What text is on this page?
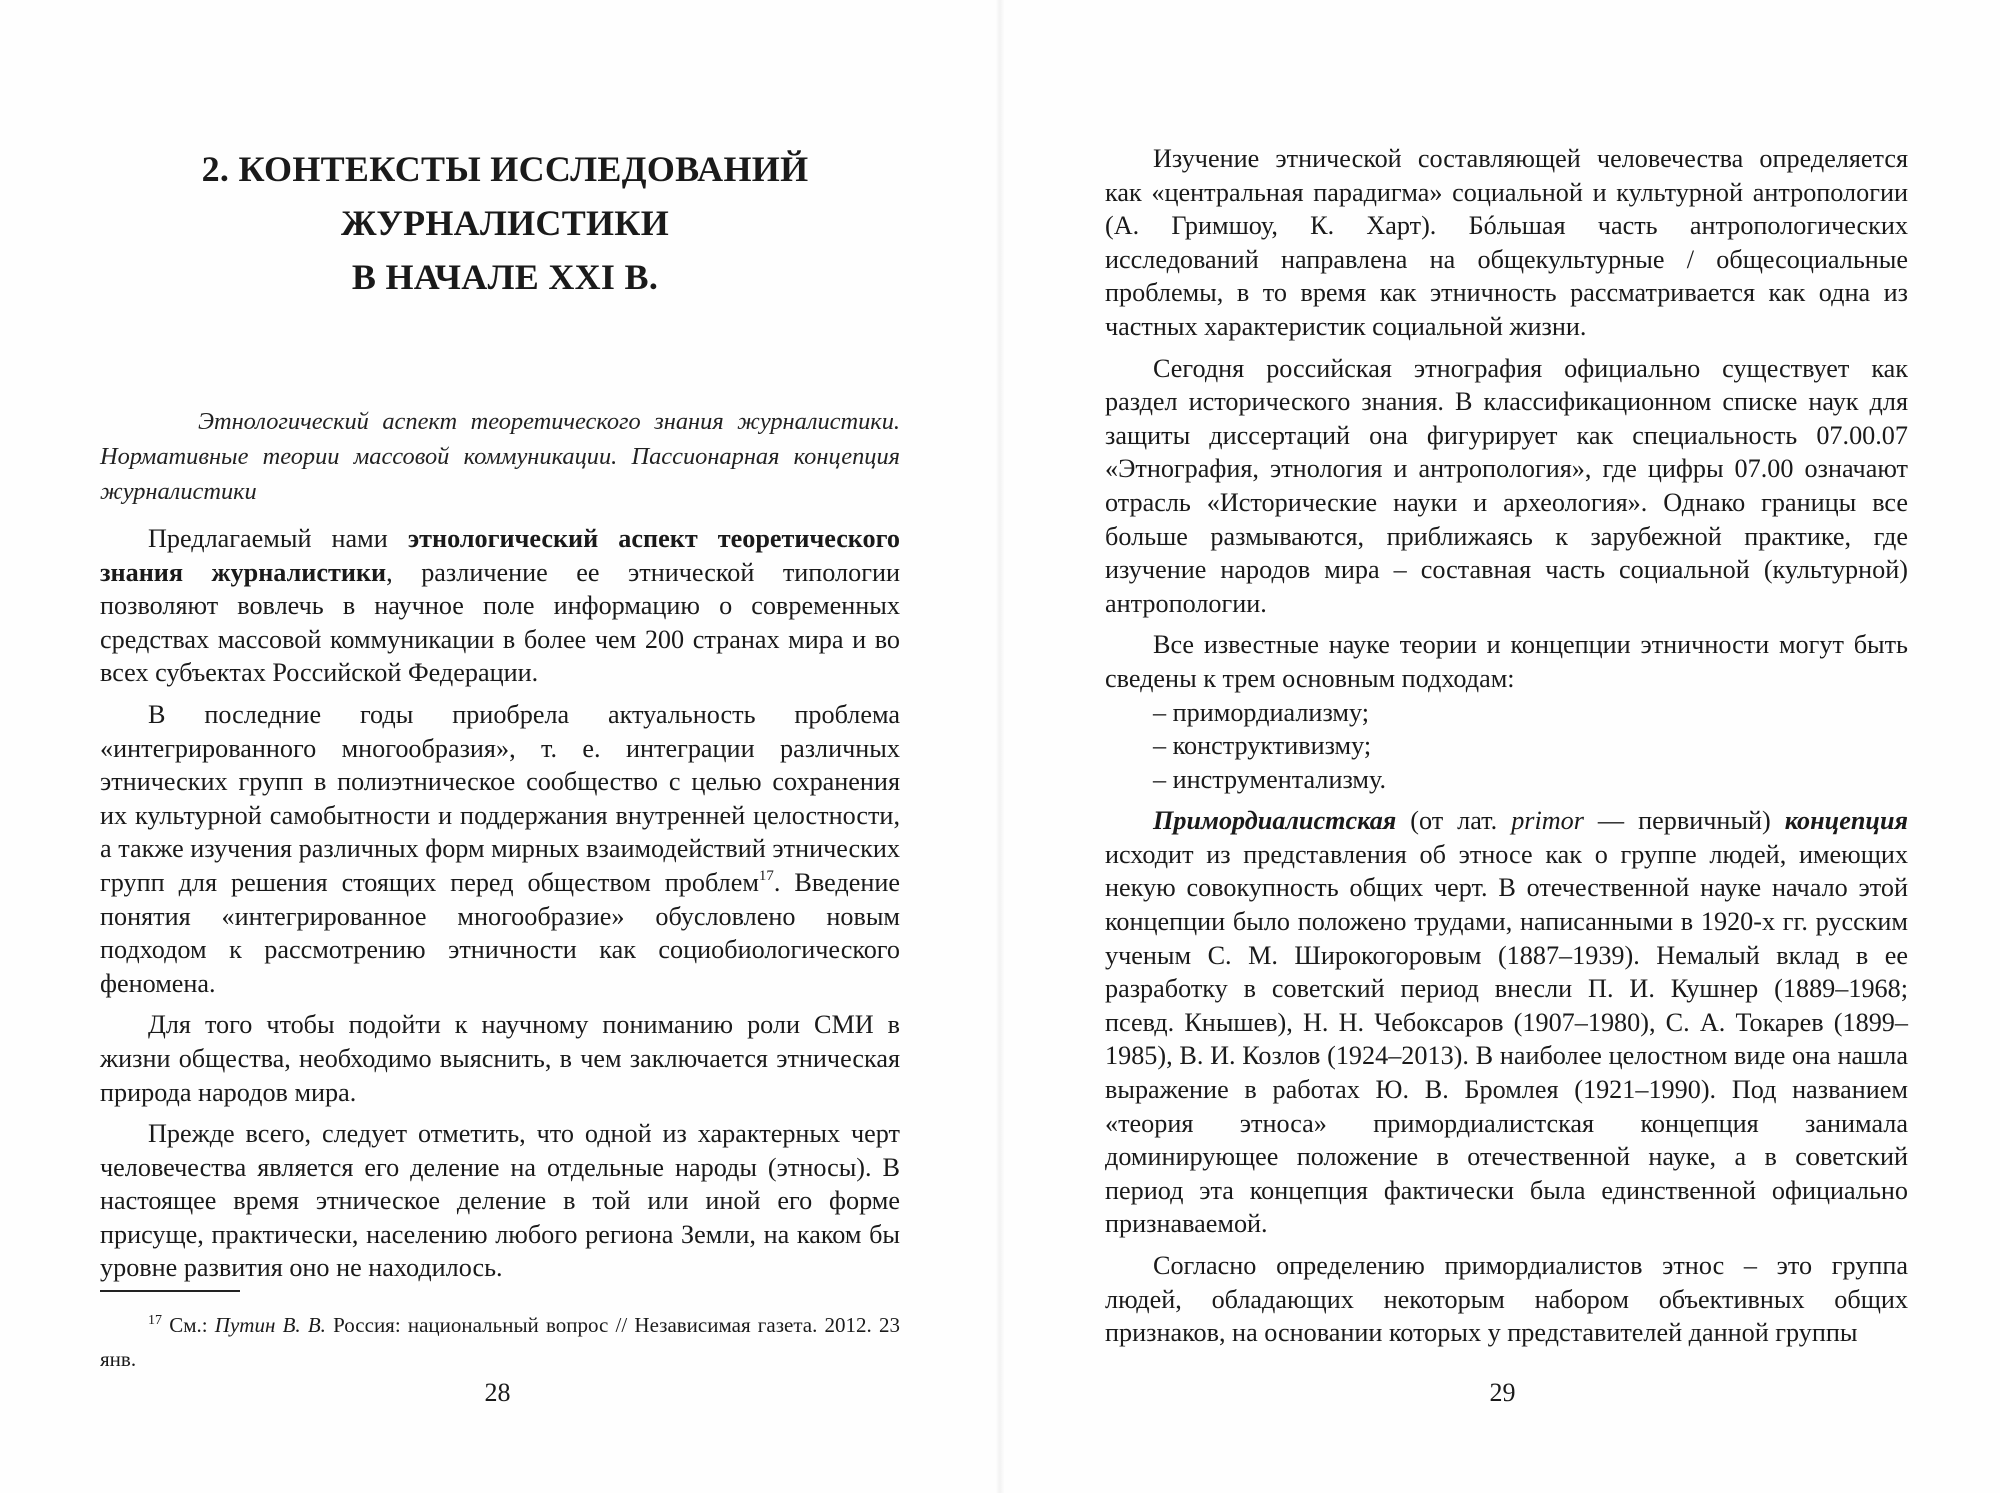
2. КОНТЕКСТЫ ИССЛЕДОВАНИЙ
ЖУРНАЛИСТИКИ
В НАЧАЛЕ XXI В.
Этнологический аспект теоретического знания журналистики. Нормативные теории массовой коммуникации. Пассионарная концепция журналистики

Предлагаемый нами этнологический аспект теоретического знания журналистики, различение ее этнической типологии позволяют вовлечь в научное поле информацию о современных средствах массовой коммуникации в более чем 200 странах мира и во всех субъектах Российской Федерации.

В последние годы приобрела актуальность проблема «интегрированного многообразия», т. е. интеграции различных этнических групп в полиэтническое сообщество с целью сохранения их культурной самобытности и поддержания внутренней целостности, а также изучения различных форм мирных взаимодействий этнических групп для решения стоящих перед обществом проблем$^{17}$. Введение понятия «интегрированное многообразие» обусловлено новым подходом к рассмотрению этничности как социобиологического феномена.

Для того чтобы подойти к научному пониманию роли СМИ в жизни общества, необходимо выяснить, в чем заключается этническая природа народов мира.

Прежде всего, следует отметить, что одной из характерных черт человечества является его деление на отдельные народы (этносы). В настоящее время этническое деление в той или иной его форме присуще, практически, населению любого региона Земли, на каком бы уровне развития оно не находилось.

$^{17}$ См.: Путин В. В. Россия: национальный вопрос // Независимая газета. 2012. 23 янв.
28

Изучение этнической составляющей человечества определяется как «центральная парадигма» социальной и культурной антропологии (А. Гримшоу, К. Харт). Бóльшая часть антропологических исследований направлена на общекультурные / общесоциальные проблемы, в то время как этничность рассматривается как одна из частных характеристик социальной жизни.

Сегодня российская этнография официально существует как раздел исторического знания. В классификационном списке наук для защиты диссертаций она фигурирует как специальность 07.00.07 «Этнография, этнология и антропология», где цифры 07.00 означают отрасль «Исторические науки и археология». Однако границы все больше размываются, приближаясь к зарубежной практике, где изучение народов мира – составная часть социальной (культурной) антропологии.

Все известные науке теории и концепции этничности могут быть сведены к трем основным подходам:

– примордиализму;

– конструктивизму;

– инструментализму.

Примордиалистская (от лат. primor — первичный) концепция исходит из представления об этносе как о группе людей, имеющих некую совокупность общих черт. В отечественной науке начало этой концепции было положено трудами, написанными в 1920-х гг. русским ученым С. М. Широкогоровым (1887–1939). Немалый вклад в ее разработку в советский период внесли П. И. Кушнер (1889–1968; псевд. Кнышев), Н. Н. Чебоксаров (1907–1980), С. А. Токарев (1899–1985), В. И. Козлов (1924–2013). В наиболее целостном виде она нашла выражение в работах Ю. В. Бромлея (1921–1990). Под названием «теория этноса» примордиалистская концепция занимала доминирующее положение в отечественной науке, а в советский период эта концепция фактически была единственной официально признаваемой.

Согласно определению примордиалистов этнос – это группа людей, обладающих некоторым набором объективных общих признаков, на основании которых у представителей данной группы

29
